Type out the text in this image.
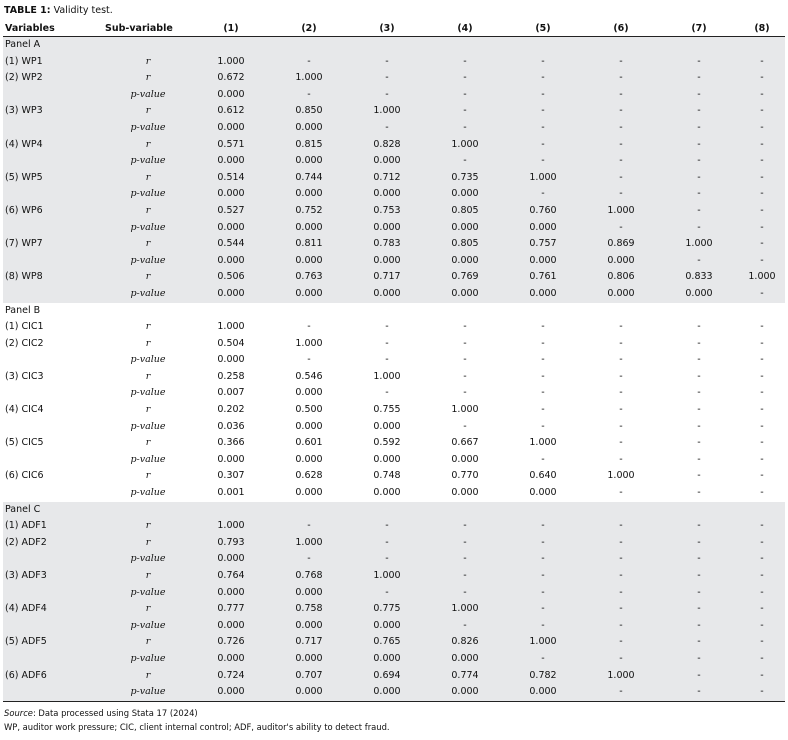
TABLE 1: Validity test.
Variables	Sub-variable	(1)	(2)	(3)	(4)	(5)	(6)	(7)	(8)
Panel A									
(1) WP1	r	1.000	-	-	-	-	-	-	-
(2) WP2	r	0.672	1.000	-	-	-	-	-	-
	p-value	0.000	-	-	-	-	-	-	-
(3) WP3	r	0.612	0.850	1.000	-	-	-	-	-
	p-value	0.000	0.000	-	-	-	-	-	-
(4) WP4	r	0.571	0.815	0.828	1.000	-	-	-	-
	p-value	0.000	0.000	0.000	-	-	-	-	-
(5) WP5	r	0.514	0.744	0.712	0.735	1.000	-	-	-
	p-value	0.000	0.000	0.000	0.000	-	-	-	-
(6) WP6	r	0.527	0.752	0.753	0.805	0.760	1.000	-	-
	p-value	0.000	0.000	0.000	0.000	0.000	-	-	-
(7) WP7	r	0.544	0.811	0.783	0.805	0.757	0.869	1.000	-
	p-value	0.000	0.000	0.000	0.000	0.000	0.000	-	-
(8) WP8	r	0.506	0.763	0.717	0.769	0.761	0.806	0.833	1.000
	p-value	0.000	0.000	0.000	0.000	0.000	0.000	0.000	-
Panel B									
(1) CIC1	r	1.000	-	-	-	-	-	-	-
(2) CIC2	r	0.504	1.000	-	-	-	-	-	-
	p-value	0.000	-	-	-	-	-	-	-
(3) CIC3	r	0.258	0.546	1.000	-	-	-	-	-
	p-value	0.007	0.000	-	-	-	-	-	-
(4) CIC4	r	0.202	0.500	0.755	1.000	-	-	-	-
	p-value	0.036	0.000	0.000	-	-	-	-	-
(5) CIC5	r	0.366	0.601	0.592	0.667	1.000	-	-	-
	p-value	0.000	0.000	0.000	0.000	-	-	-	-
(6) CIC6	r	0.307	0.628	0.748	0.770	0.640	1.000	-	-
	p-value	0.001	0.000	0.000	0.000	0.000	-	-	-
Panel C									
(1) ADF1	r	1.000	-	-	-	-	-	-	-
(2) ADF2	r	0.793	1.000	-	-	-	-	-	-
	p-value	0.000	-	-	-	-	-	-	-
(3) ADF3	r	0.764	0.768	1.000	-	-	-	-	-
	p-value	0.000	0.000	-	-	-	-	-	-
(4) ADF4	r	0.777	0.758	0.775	1.000	-	-	-	-
	p-value	0.000	0.000	0.000	-	-	-	-	-
(5) ADF5	r	0.726	0.717	0.765	0.826	1.000	-	-	-
	p-value	0.000	0.000	0.000	0.000	-	-	-	-
(6) ADF6	r	0.724	0.707	0.694	0.774	0.782	1.000	-	-
	p-value	0.000	0.000	0.000	0.000	0.000	-	-	-
Source: Data processed using Stata 17 (2024)
WP, auditor work pressure; CIC, client internal control; ADF, auditor's ability to detect fraud.
